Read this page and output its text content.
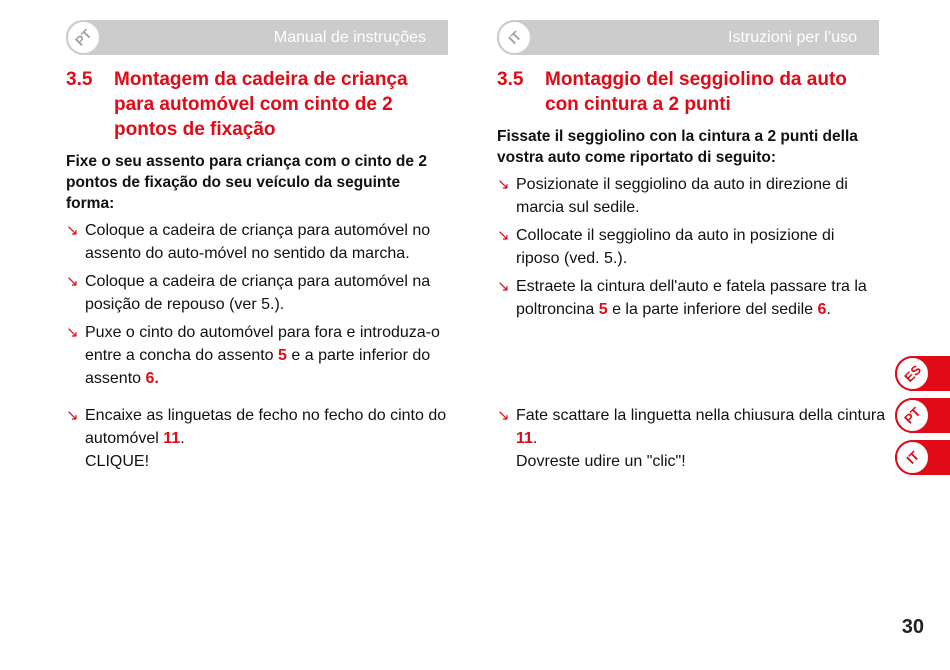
PT	Manual de instruções
3.5	Montagem da cadeira de criança para automóvel com cinto de 2 pontos de fixação
Fixe o seu assento para criança com o cinto de 2 pontos de fixação do seu veículo da seguinte forma:
↘ Coloque a cadeira de criança para automóvel no assento do auto-móvel no sentido da marcha.
↘ Coloque a cadeira de criança para automóvel na posição de repouso (ver 5.).
↘ Puxe o cinto do automóvel para fora e introduza-o entre a concha do assento 5 e a parte inferior do assento 6.
↘ Encaixe as linguetas de fecho no fecho do cinto do automóvel 11.
CLIQUE!
IT	Istruzioni per l’uso
3.5	Montaggio del seggiolino da auto con cintura a 2 punti
Fissate il seggiolino con la cintura a 2 punti della vostra auto come riportato di seguito:
↘ Posizionate il seggiolino da auto in direzione di marcia sul sedile.
↘ Collocate il seggiolino da auto in posizione di riposo (ved. 5.).
↘ Estraete la cintura dell'auto e fatela passare tra la poltroncina 5 e la parte inferiore del sedile 6.
↘ Fate scattare la linguetta nella chiusura della cintura 11.
Dovreste udire un "clic"!
ES
PT
IT
30
